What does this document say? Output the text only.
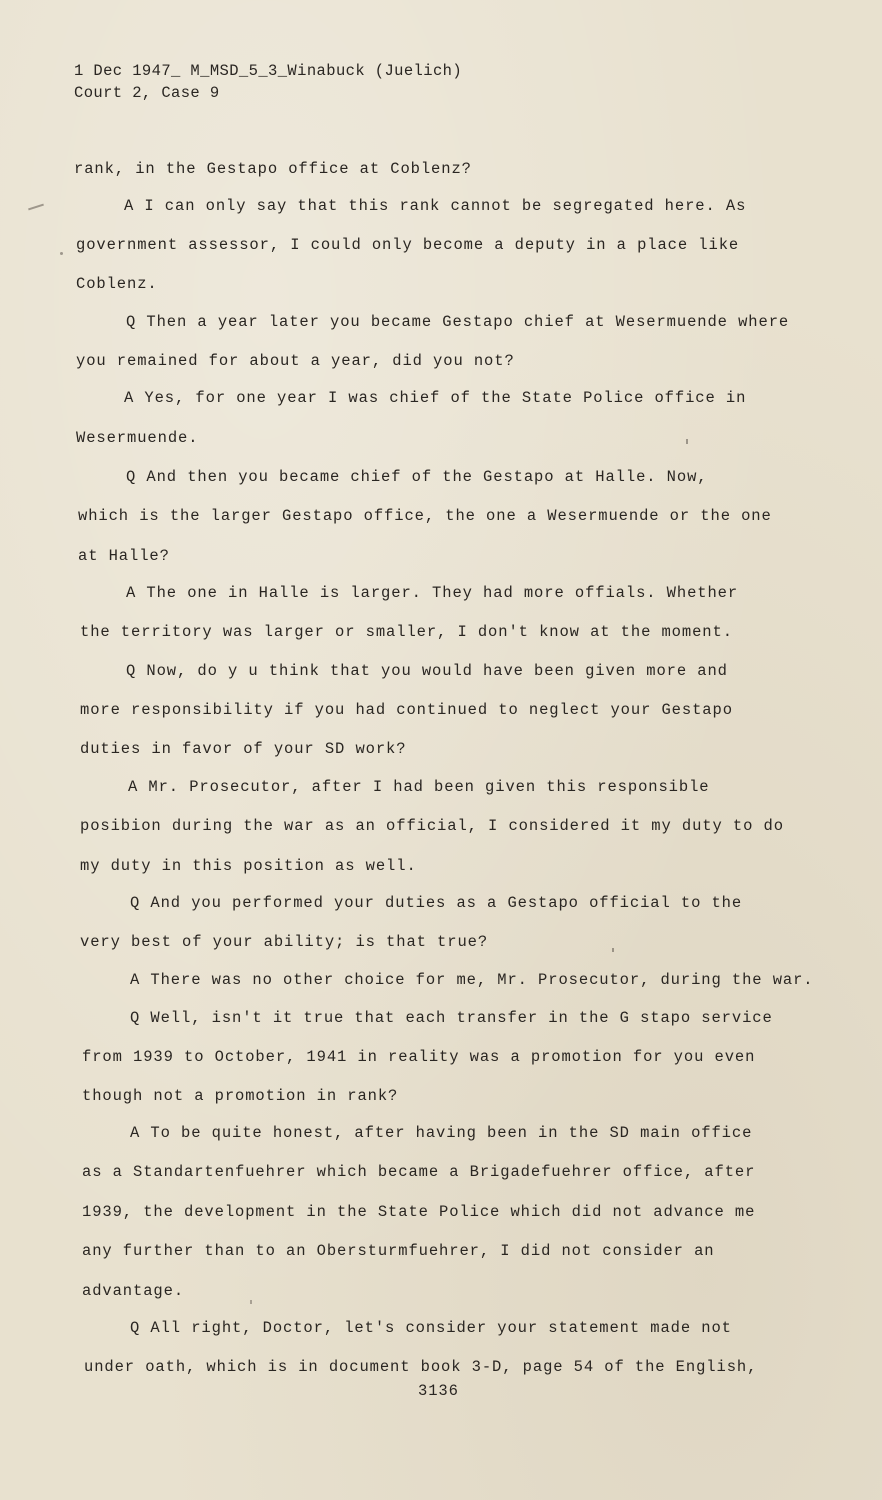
1 Dec 1947_ M_MSD_5_3_Winabuck (Juelich)
Court 2, Case 9
rank, in the Gestapo office at Coblenz?
A I can only say that this rank cannot be segregated here. As
government assessor, I could only become a deputy in a place like
Coblenz.
Q Then a year later you became Gestapo chief at Wesermuende where
you remained for about a year, did you not?
A Yes, for one year I was chief of the State Police office in
Wesermuende.
Q And then you became chief of the Gestapo at Halle. Now,
which is the larger Gestapo office, the one a Wesermuende or the one
at Halle?
A The one in Halle is larger. They had more offials. Whether
the territory was larger or smaller, I don't know at the moment.
Q Now, do y u think that you would have been given more and
more responsibility if you had continued to neglect your Gestapo
duties in favor of your SD work?
A Mr. Prosecutor, after I had been given this responsible
posibion during the war as an official, I considered it my duty to do
my duty in this position as well.
Q And you performed your duties as a Gestapo official to the
very best of your ability; is that true?
A There was no other choice for me, Mr. Prosecutor, during the war.
Q Well, isn't it true that each transfer in the G stapo service
from 1939 to October, 1941 in reality was a promotion for you even
though not a promotion in rank?
A To be quite honest, after having been in the SD main office
as a Standartenfuehrer which became a Brigadefuehrer office, after
1939, the development in the State Police which did not advance me
any further than to an Obersturmfuehrer, I did not consider an
advantage.
Q All right, Doctor, let's consider your statement made not
under oath, which is in document book 3-D, page 54 of the English,
3136
